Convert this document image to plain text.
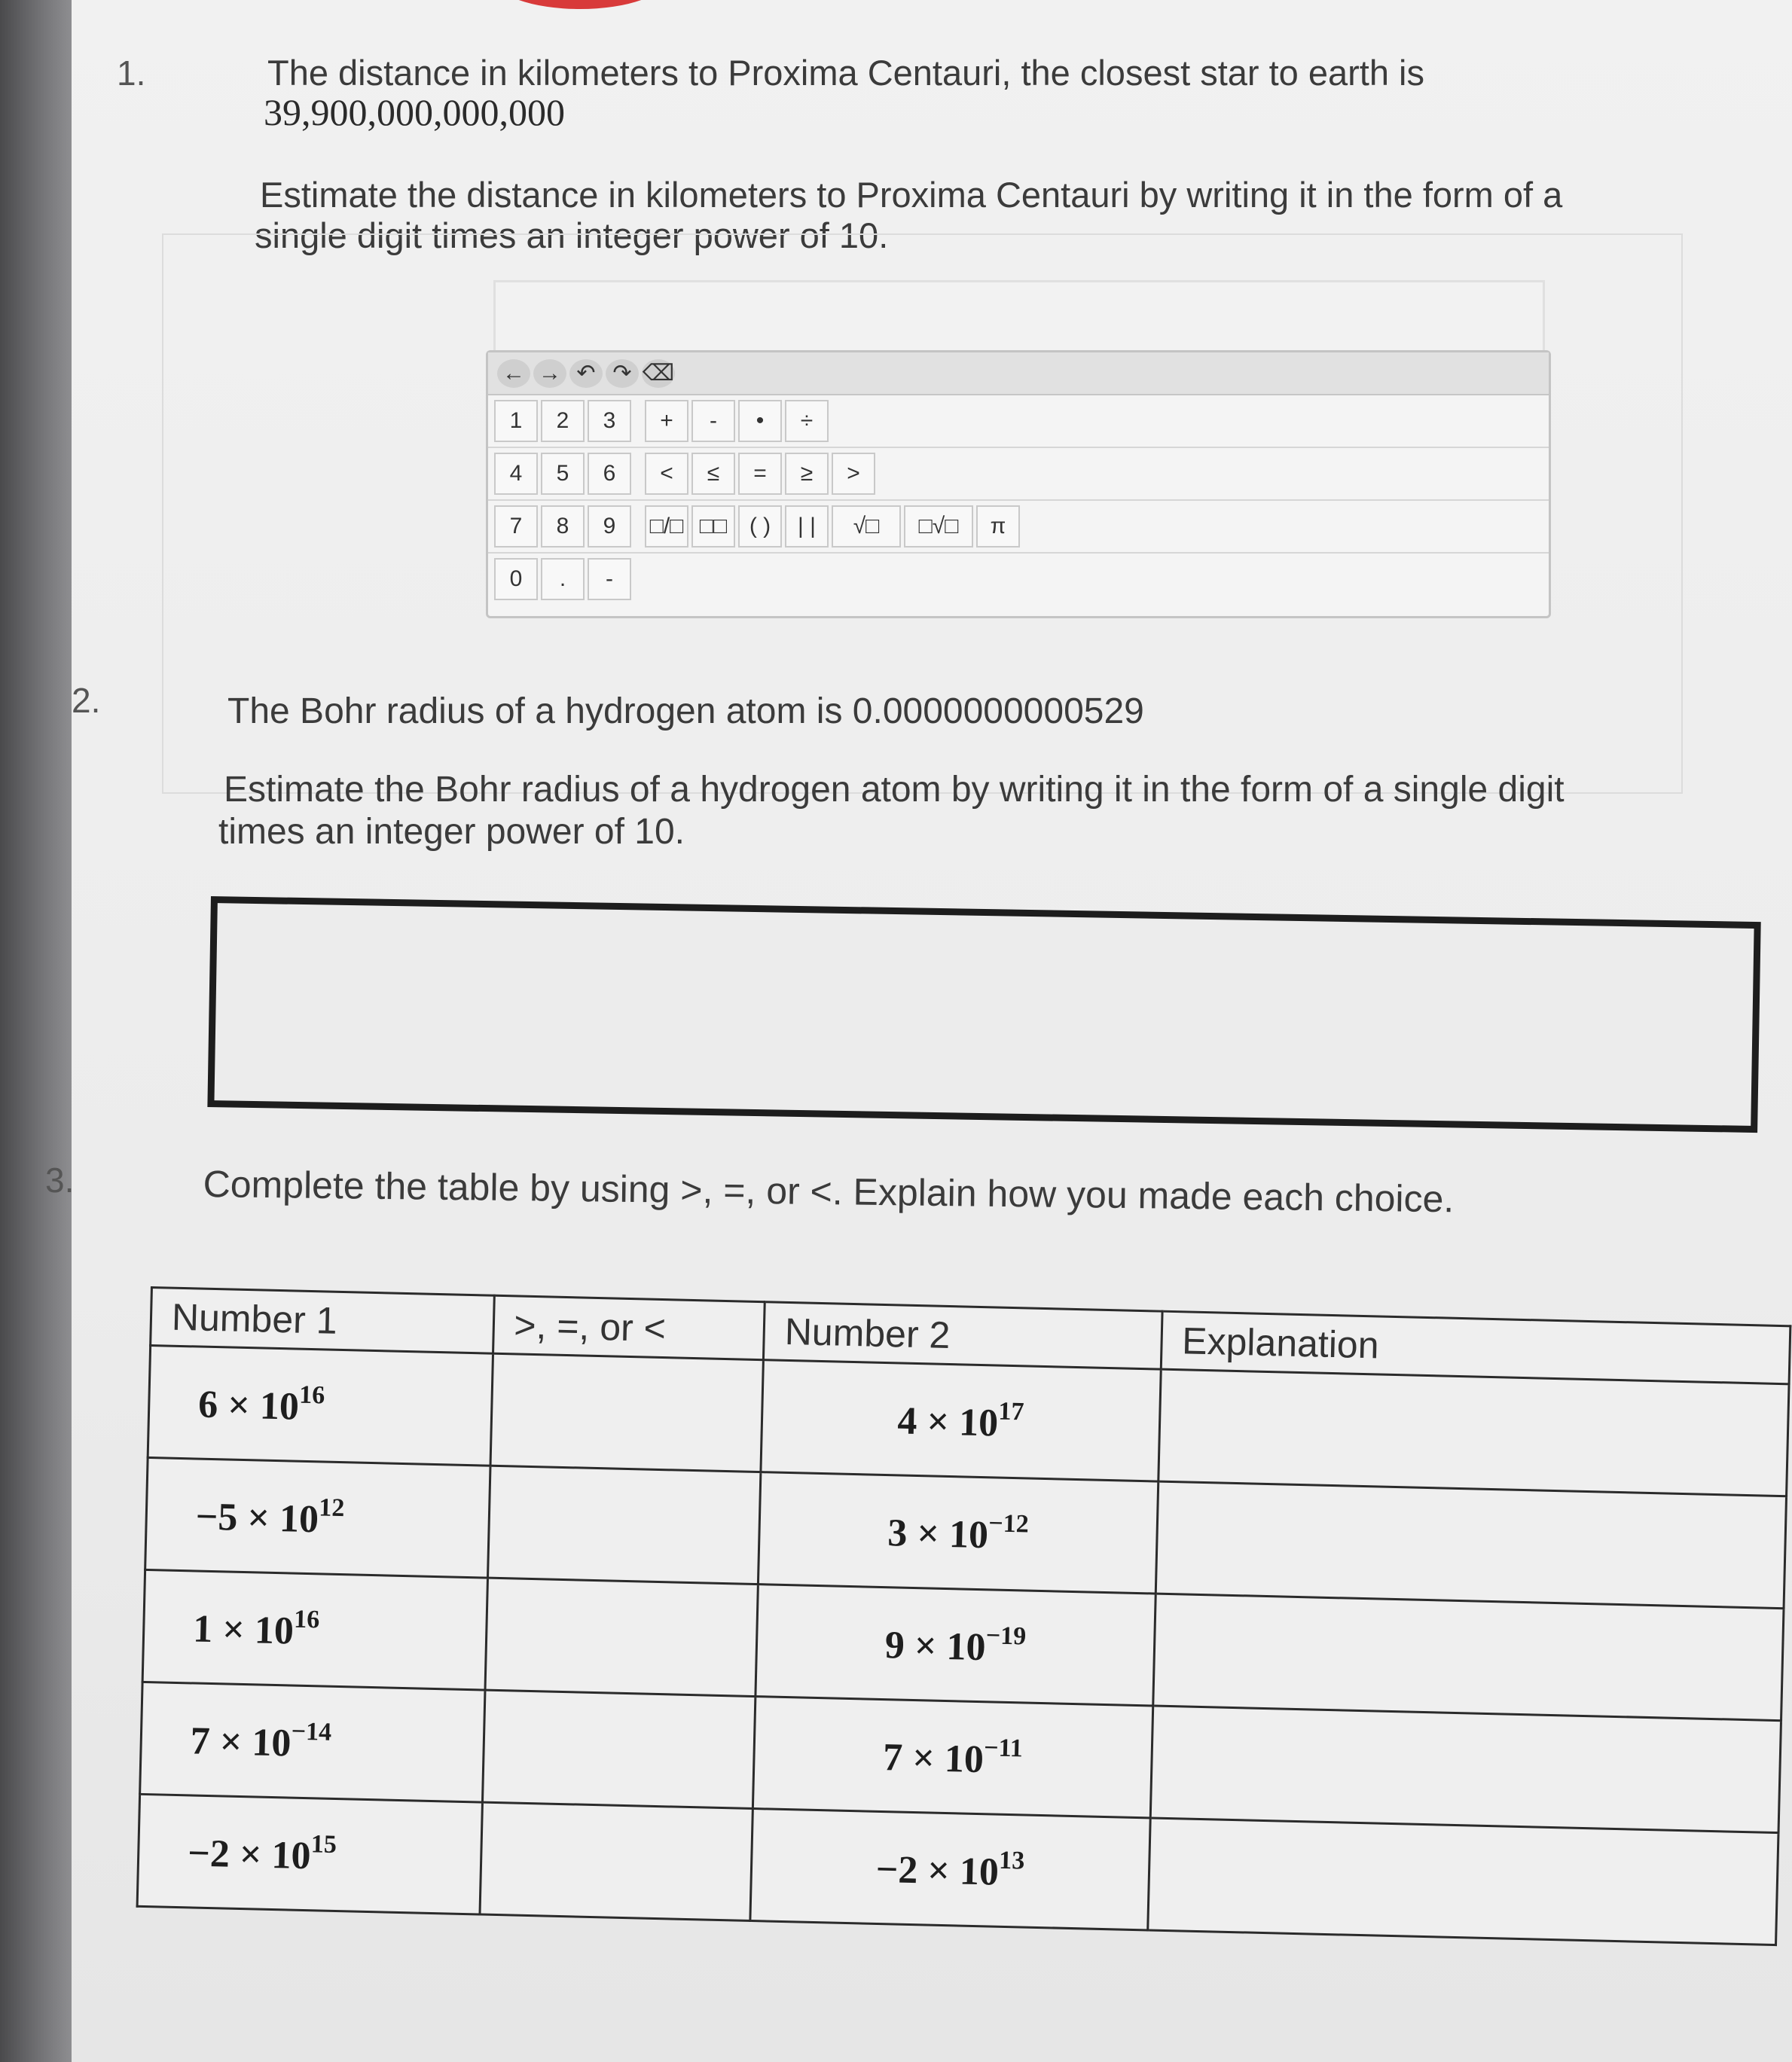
1.	The distance in kilometers to Proxima Centauri, the closest star to earth is
39,900,000,000,000
Estimate the distance in kilometers to Proxima Centauri by writing it in the form of a
single digit times an integer power of 10.
← → ↶ ↷ ⌫
1	2	3	+	-	•	÷
4	5	6	<	≤	=	≥	>
7	8	9	□/□ □□ ( )	| |	√□	□√□	π
0	.	-
2.	The Bohr radius of a hydrogen atom is 0.0000000000529
Estimate the Bohr radius of a hydrogen atom by writing it in the form of a single digit
times an integer power of 10.
3.	Complete the table by using >, =, or <. Explain how you made each choice.
Number 1	>, =, or <	Number 2	Explanation
$6 \times 10^{16}$		$4 \times 10^{17}$	
$-5 \times 10^{12}$		$3 \times 10^{-12}$	
$1 \times 10^{16}$		$9 \times 10^{-19}$	
$7 \times 10^{-14}$		$7 \times 10^{-11}$	
$-2 \times 10^{15}$		$-2 \times 10^{13}$	
